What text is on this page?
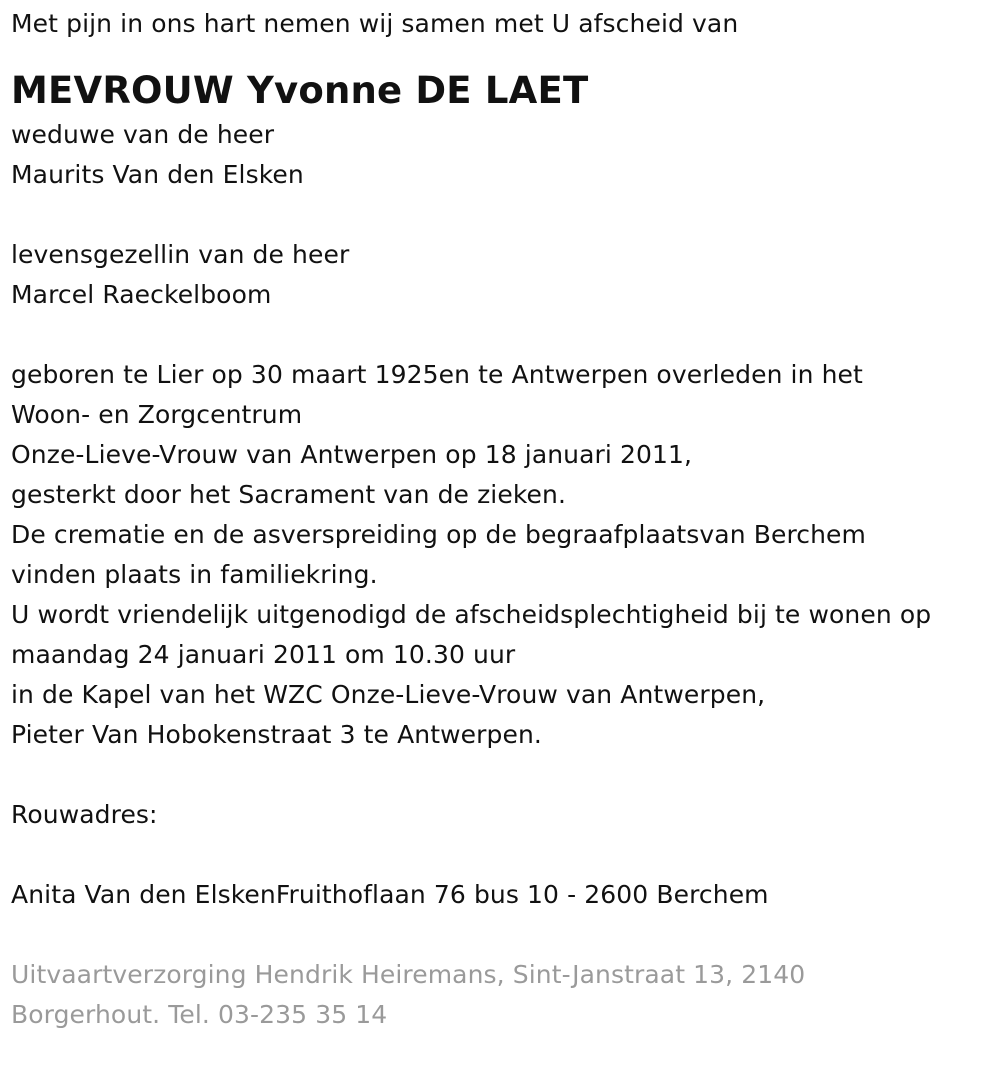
Met pijn in ons hart nemen wij samen met U afscheid van
MEVROUW Yvonne DE LAET
weduwe van de heer
Maurits Van den Elsken
levensgezellin van de heer
Marcel Raeckelboom
geboren te Lier op 30 maart 1925en te Antwerpen overleden in het
Woon- en Zorgcentrum
Onze-Lieve-Vrouw van Antwerpen op 18 januari 2011,
gesterkt door het Sacrament van de zieken.
De crematie en de asverspreiding op de begraafplaatsvan Berchem
vinden plaats in familiekring.
U wordt vriendelijk uitgenodigd de afscheidsplechtigheid bij te wonen op
maandag 24 januari 2011 om 10.30 uur
in de Kapel van het WZC Onze-Lieve-Vrouw van Antwerpen,
Pieter Van Hobokenstraat 3 te Antwerpen.
Rouwadres:
Anita Van den ElskenFruithoflaan 76 bus 10 - 2600 Berchem
Uitvaartverzorging Hendrik Heiremans, Sint-Janstraat 13, 2140
Borgerhout. Tel. 03-235 35 14
